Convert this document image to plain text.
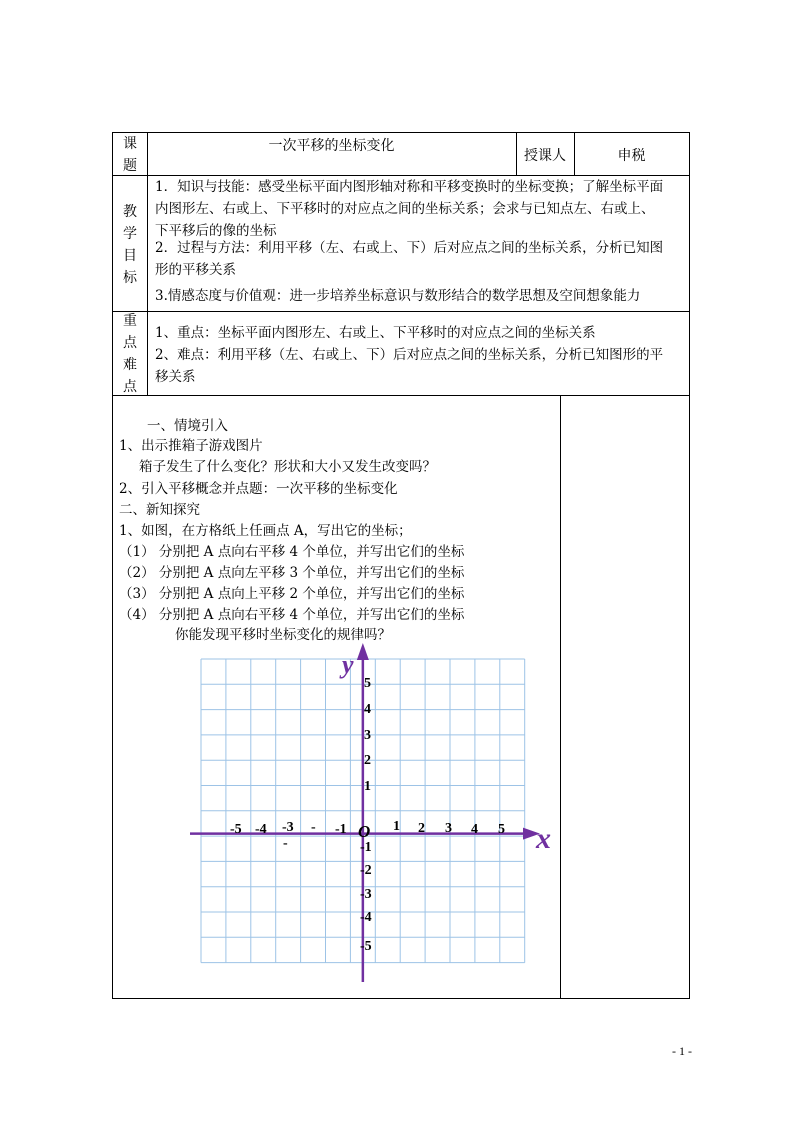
课
题
一次平移的坐标变化
授课人	申税
教
学
目
标
1．知识与技能：感受坐标平面内图形轴对称和平移变换时的坐标变换；了解坐标平面
内图形左、右或上、下平移时的对应点之间的坐标关系；会求与已知点左、右或上、
下平移后的像的坐标
2．过程与方法：利用平移（左、右或上、下）后对应点之间的坐标关系，分析已知图
形的平移关系
3.情感态度与价值观：进一步培养坐标意识与数形结合的数学思想及空间想象能力
重
点
难
点
1、重点：坐标平面内图形左、右或上、下平移时的对应点之间的坐标关系
2、难点：利用平移（左、右或上、下）后对应点之间的坐标关系，分析已知图形的平
移关系
一、情境引入
1、出示推箱子游戏图片
箱子发生了什么变化？形状和大小又发生改变吗？
2、引入平移概念并点题：一次平移的坐标变化
二、新知探究
1、如图，在方格纸上任画点 A，写出它的坐标；
（1） 分别把 A 点向右平移 4 个单位，并写出它们的坐标
（2） 分别把 A 点向左平移 3 个单位，并写出它们的坐标
（3） 分别把 A 点向上平移 2 个单位，并写出它们的坐标
（4） 分别把 A 点向右平移 4 个单位，并写出它们的坐标
你能发现平移时坐标变化的规律吗？
x
y
O
-5 -4 -3 - -1	1 2 3 4 5
-
5
4
3
2
1
-1
-2
-3
-4
-5
- 1 -
